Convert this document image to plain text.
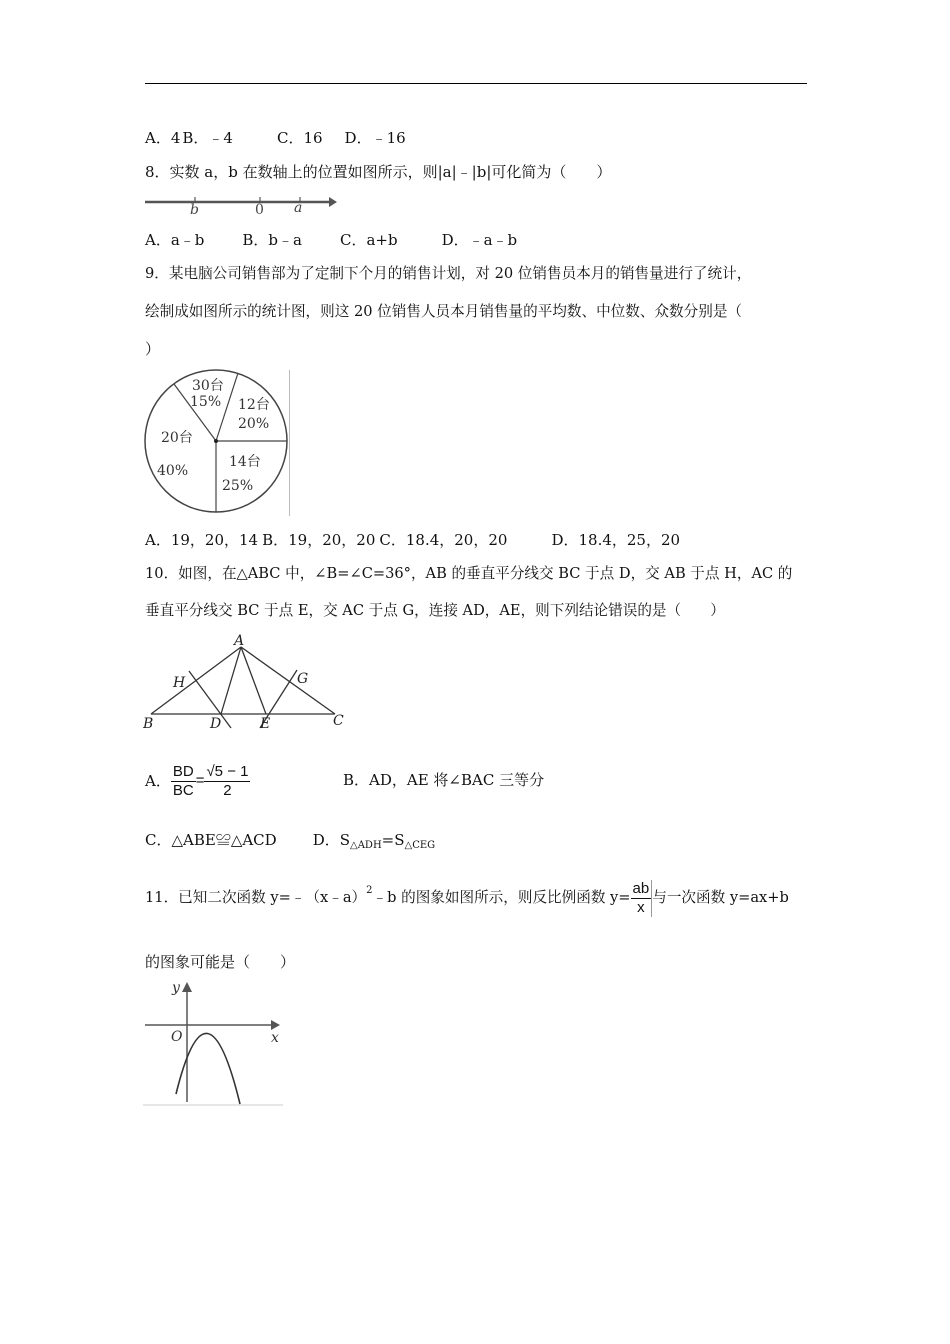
A．4 B．﹣4	C．16 D．﹣16
8．实数 a，b 在数轴上的位置如图所示，则|a|﹣|b|可化简为（　　）
b	0 a
A．a﹣b	B．b﹣a	C．a+b	D．﹣a﹣b
9．某电脑公司销售部为了定制下个月的销售计划，对 20 位销售员本月的销售量进行了统计，
绘制成如图所示的统计图，则这 20 位销售人员本月销售量的平均数、中位数、众数分别是（
）
30台
15% 12台
20%
20台
40%
14台
25%
A．19，20，14 B．19，20，20 C．18.4，20，20	D．18.4，25，20
10．如图，在△ABC 中，∠B=∠C=36°，AB 的垂直平分线交 BC 于点 D，交 AB 于点 H，AC 的
垂直平分线交 BC 于点 E，交 AC 于点 G，连接 AD，AE，则下列结论错误的是（　　）
A
B	C
D	E
H	G
A． $\frac{BD}{BC} = \frac{√5 - 1}{2}$	B．AD，AE 将∠BAC 三等分
C．△ABE≌△ACD D．$S_{\triangle ADH}=S_{\triangle CEG}$
11．已知二次函数 y=﹣（x﹣a）$^2$﹣b 的图象如图所示，则反比例函数 $y= \frac{ab}{x}$ 与一次函数 y=ax+b
的图象可能是（　　）
y
x
O
